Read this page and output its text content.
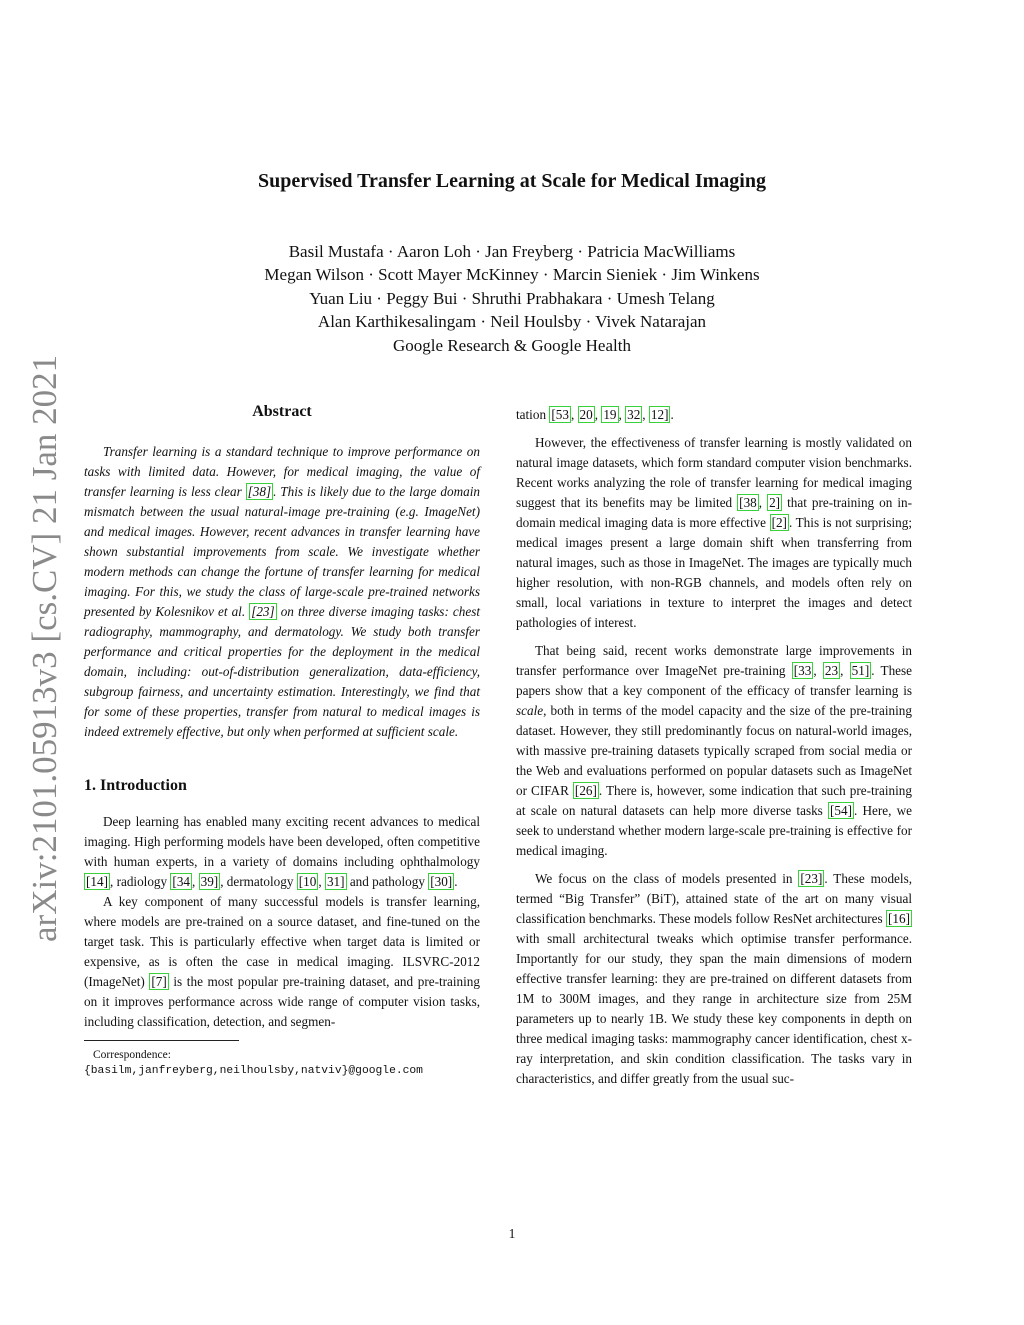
arXiv:2101.05913v3 [cs.CV] 21 Jan 2021
Supervised Transfer Learning at Scale for Medical Imaging
Basil Mustafa · Aaron Loh · Jan Freyberg · Patricia MacWilliams
Megan Wilson · Scott Mayer McKinney · Marcin Sieniek · Jim Winkens
Yuan Liu · Peggy Bui · Shruthi Prabhakara · Umesh Telang
Alan Karthikesalingam · Neil Houlsby · Vivek Natarajan
Google Research & Google Health
Abstract

Transfer learning is a standard technique to improve performance on tasks with limited data. However, for medical imaging, the value of transfer learning is less clear [38] . This is likely due to the large domain mismatch between the usual natural-image pre-training (e.g. ImageNet) and medical images. However, recent advances in transfer learning have shown substantial improvements from scale. We investigate whether modern methods can change the fortune of transfer learning for medical imaging. For this, we study the class of large-scale pre-trained networks presented by Kolesnikov et al. [23] on three diverse imaging tasks: chest radiography, mammography, and dermatology. We study both transfer performance and critical properties for the deployment in the medical domain, including: out-of-distribution generalization, data-efficiency, subgroup fairness, and uncertainty estimation. Interestingly, we find that for some of these properties, transfer from natural to medical images is indeed extremely effective, but only when performed at sufficient scale.

1. Introduction

Deep learning has enabled many exciting recent advances to medical imaging. High performing models have been developed, often competitive with human experts, in a variety of domains including ophthalmology [14] , radiology [34 , 39] , dermatology [10 , 31] and pathology [30] .

A key component of many successful models is transfer learning, where models are pre-trained on a source dataset, and fine-tuned on the target task. This is particularly effective when target data is limited or expensive, as is often the case in medical imaging. ILSVRC-2012 (ImageNet) [7] is the most popular pre-training dataset, and pre-training on it improves performance across wide range of computer vision tasks, including classification, detection, and segmen-

Correspondence:
{basilm,janfreyberg,neilhoulsby,natviv}@google.com

tation [53 , 20 , 19 , 32 , 12] .

However, the effectiveness of transfer learning is mostly validated on natural image datasets, which form standard computer vision benchmarks. Recent works analyzing the role of transfer learning for medical imaging suggest that its benefits may be limited [38 , 2] that pre-training on in-domain medical imaging data is more effective [2] . This is not surprising; medical images present a large domain shift when transferring from natural images, such as those in ImageNet. The images are typically much higher resolution, with non-RGB channels, and models often rely on small, local variations in texture to interpret the images and detect pathologies of interest.

That being said, recent works demonstrate large improvements in transfer performance over ImageNet pre-training [33 , 23 , 51] . These papers show that a key component of the efficacy of transfer learning is scale, both in terms of the model capacity and the size of the pre-training dataset. However, they still predominantly focus on natural-world images, with massive pre-training datasets typically scraped from social media or the Web and evaluations performed on popular datasets such as ImageNet or CIFAR [26] . There is, however, some indication that such pre-training at scale on natural datasets can help more diverse tasks [54] . Here, we seek to understand whether modern large-scale pre-training is effective for medical imaging.

We focus on the class of models presented in [23] . These models, termed “Big Transfer” (BiT), attained state of the art on many visual classification benchmarks. These models follow ResNet architectures [16] with small architectural tweaks which optimise transfer performance. Importantly for our study, they span the main dimensions of modern effective transfer learning: they are pre-trained on different datasets from 1M to 300M images, and they range in architecture size from 25M parameters up to nearly 1B. We study these key components in depth on three medical imaging tasks: mammography cancer identification, chest x-ray interpretation, and skin condition classification. The tasks vary in characteristics, and differ greatly from the usual suc-

1
